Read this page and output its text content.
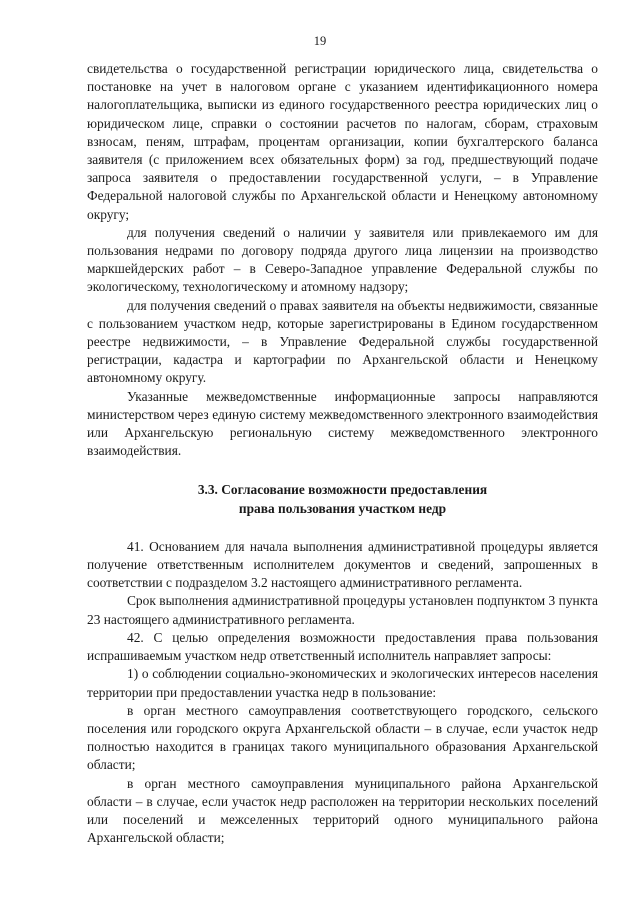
19

свидетельства о государственной регистрации юридического лица, свидетельства о постановке на учет в налоговом органе с указанием идентификационного номера налогоплательщика, выписки из единого государственного реестра юридических лиц о юридическом лице, справки о состоянии расчетов по налогам, сборам, страховым взносам, пеням, штрафам, процентам организации, копии бухгалтерского баланса заявителя (с приложением всех обязательных форм) за год, предшествующий подаче запроса заявителя о предоставлении государственной услуги, – в Управление Федеральной налоговой службы по Архангельской области и Ненецкому автономному округу;

для получения сведений о наличии у заявителя или привлекаемого им для пользования недрами по договору подряда другого лица лицензии на производство маркшейдерских работ – в Северо-Западное управление Федеральной службы по экологическому, технологическому и атомному надзору;

для получения сведений о правах заявителя на объекты недвижимости, связанные с пользованием участком недр, которые зарегистрированы в Едином государственном реестре недвижимости, – в Управление Федеральной службы государственной регистрации, кадастра и картографии по Архангельской области и Ненецкому автономному округу.

Указанные межведомственные информационные запросы направляются министерством через единую систему межведомственного электронного взаимодействия или Архангельскую региональную систему межведомственного электронного взаимодействия.

3.3. Согласование возможности предоставления
права пользования участком недр

41. Основанием для начала выполнения административной процедуры является получение ответственным исполнителем документов и сведений, запрошенных в соответствии с подразделом 3.2 настоящего административного регламента.

Срок выполнения административной процедуры установлен подпунктом 3 пункта 23 настоящего административного регламента.

42. С целью определения возможности предоставления права пользования испрашиваемым участком недр ответственный исполнитель направляет запросы:

1) о соблюдении социально-экономических и экологических интересов населения территории при предоставлении участка недр в пользование:

в орган местного самоуправления соответствующего городского, сельского поселения или городского округа Архангельской области – в случае, если участок недр полностью находится в границах такого муниципального образования Архангельской области;

в орган местного самоуправления муниципального района Архангельской области – в случае, если участок недр расположен на территории нескольких поселений или поселений и межселенных территорий одного муниципального района Архангельской области;
